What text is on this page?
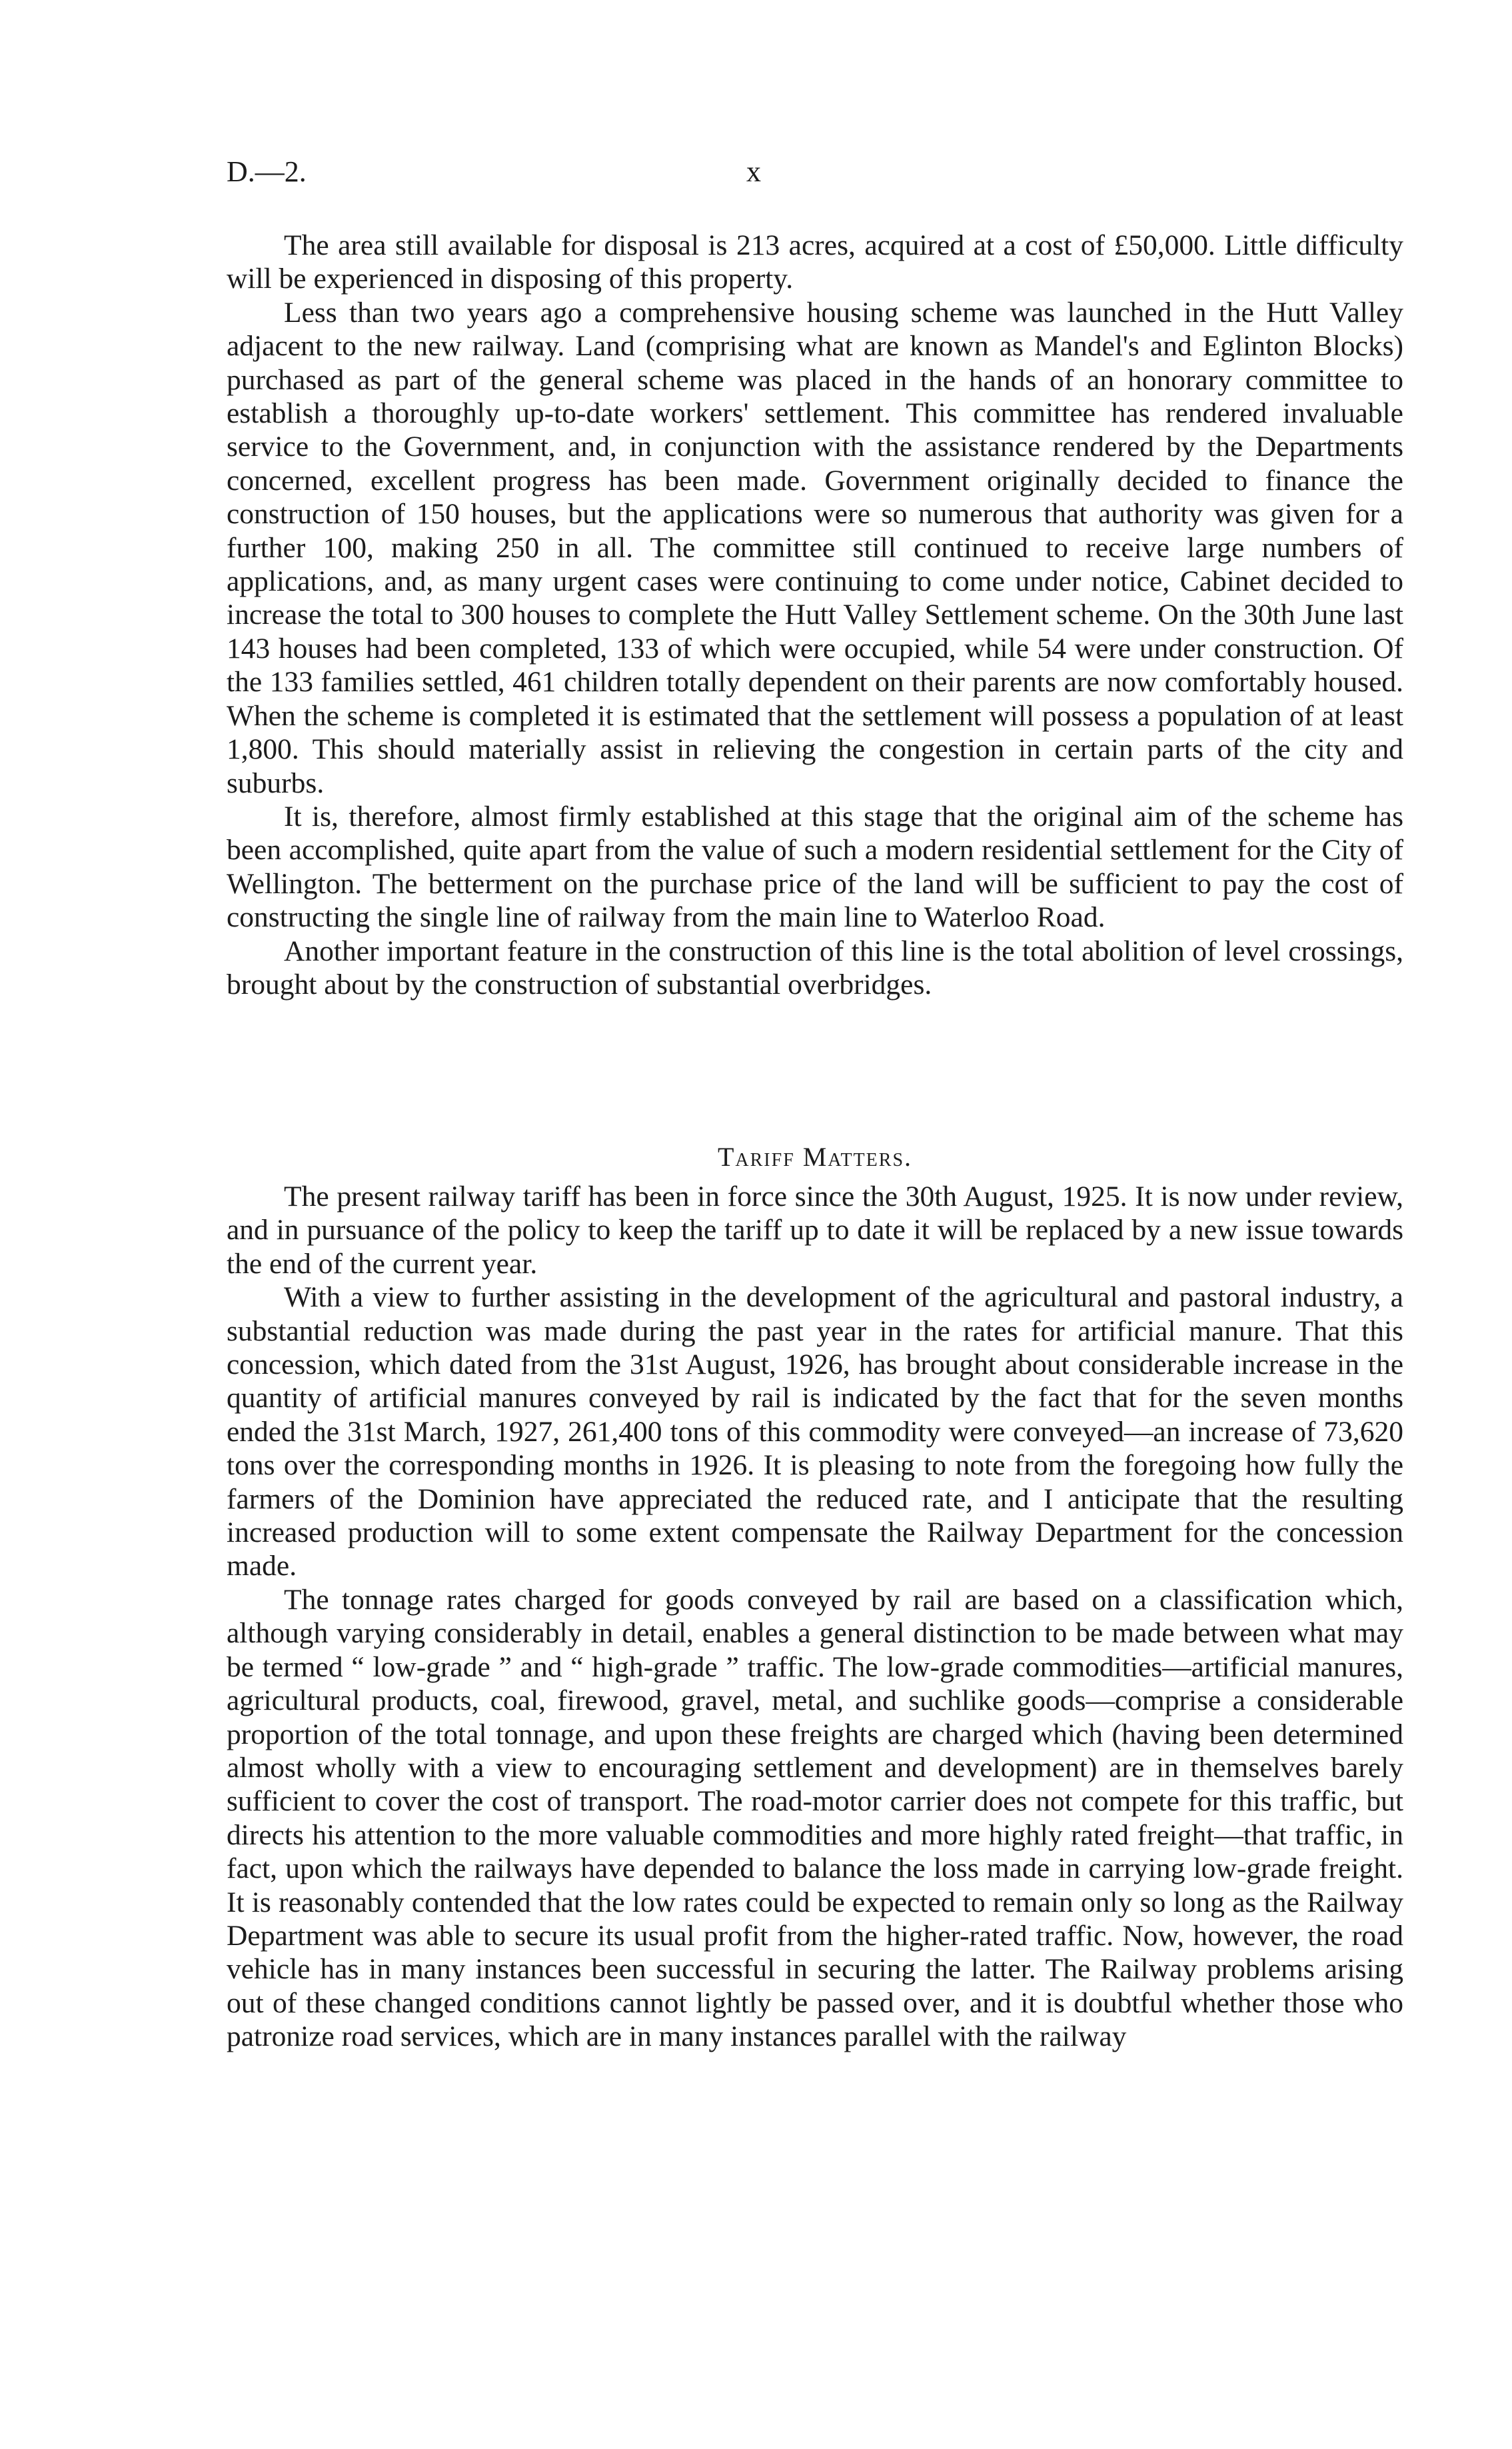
D.—2.	x

The area still available for disposal is 213 acres, acquired at a cost of £50,000. Little difficulty will be experienced in disposing of this property.

Less than two years ago a comprehensive housing scheme was launched in the Hutt Valley adjacent to the new railway. Land (comprising what are known as Mandel's and Eglinton Blocks) purchased as part of the general scheme was placed in the hands of an honorary committee to establish a thoroughly up-to-date workers' settlement. This committee has rendered invaluable service to the Government, and, in conjunction with the assistance rendered by the Departments concerned, excellent progress has been made. Government originally decided to finance the construction of 150 houses, but the applications were so numerous that authority was given for a further 100, making 250 in all. The committee still continued to receive large numbers of applications, and, as many urgent cases were continuing to come under notice, Cabinet decided to increase the total to 300 houses to complete the Hutt Valley Settlement scheme. On the 30th June last 143 houses had been completed, 133 of which were occupied, while 54 were under construction. Of the 133 families settled, 461 children totally dependent on their parents are now comfortably housed. When the scheme is completed it is estimated that the settlement will possess a population of at least 1,800. This should materially assist in relieving the congestion in certain parts of the city and suburbs.

It is, therefore, almost firmly established at this stage that the original aim of the scheme has been accomplished, quite apart from the value of such a modern residential settlement for the City of Wellington. The betterment on the purchase price of the land will be sufficient to pay the cost of constructing the single line of railway from the main line to Waterloo Road.

Another important feature in the construction of this line is the total abolition of level crossings, brought about by the construction of substantial overbridges.

Tariff Matters.

The present railway tariff has been in force since the 30th August, 1925. It is now under review, and in pursuance of the policy to keep the tariff up to date it will be replaced by a new issue towards the end of the current year.

With a view to further assisting in the development of the agricultural and pastoral industry, a substantial reduction was made during the past year in the rates for artificial manure. That this concession, which dated from the 31st August, 1926, has brought about considerable increase in the quantity of artificial manures conveyed by rail is indicated by the fact that for the seven months ended the 31st March, 1927, 261,400 tons of this commodity were conveyed—an increase of 73,620 tons over the corresponding months in 1926. It is pleasing to note from the foregoing how fully the farmers of the Dominion have appreciated the reduced rate, and I anticipate that the resulting increased production will to some extent compensate the Railway Department for the concession made.

The tonnage rates charged for goods conveyed by rail are based on a classification which, although varying considerably in detail, enables a general distinction to be made between what may be termed “ low-grade ” and “ high-grade ” traffic. The low-grade commodities—artificial manures, agricultural products, coal, firewood, gravel, metal, and suchlike goods—comprise a considerable proportion of the total tonnage, and upon these freights are charged which (having been determined almost wholly with a view to encouraging settlement and development) are in themselves barely sufficient to cover the cost of transport. The road-motor carrier does not compete for this traffic, but directs his attention to the more valuable commodities and more highly rated freight—that traffic, in fact, upon which the railways have depended to balance the loss made in carrying low-grade freight. It is reasonably contended that the low rates could be expected to remain only so long as the Railway Department was able to secure its usual profit from the higher-rated traffic. Now, however, the road vehicle has in many instances been successful in securing the latter. The Railway problems arising out of these changed conditions cannot lightly be passed over, and it is doubtful whether those who patronize road services, which are in many instances parallel with the railway
